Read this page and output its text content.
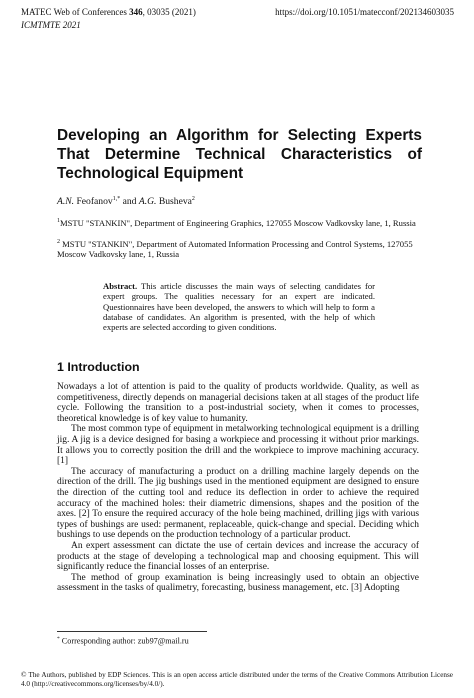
MATEC Web of Conferences 346, 03035 (2021)
ICMTMTE 2021
https://doi.org/10.1051/matecconf/202134603035
Developing an Algorithm for Selecting Experts That Determine Technical Characteristics of Technological Equipment
A.N. Feofanov$^{1,*}$ and A.G. Busheva$^2$
$^1$MSTU "STANKIN", Department of Engineering Graphics, 127055 Moscow Vadkovsky lane, 1, Russia
$^2$ MSTU "STANKIN", Department of Automated Information Processing and Control Systems, 127055 Moscow Vadkovsky lane, 1, Russia
Abstract. This article discusses the main ways of selecting candidates for expert groups. The qualities necessary for an expert are indicated. Questionnaires have been developed, the answers to which will help to form a database of candidates. An algorithm is presented, with the help of which experts are selected according to given conditions.
1 Introduction

Nowadays a lot of attention is paid to the quality of products worldwide. Quality, as well as competitiveness, directly depends on managerial decisions taken at all stages of the product life cycle. Following the transition to a post-industrial society, when it comes to processes, theoretical knowledge is of key value to humanity.

The most common type of equipment in metalworking technological equipment is a drilling jig. A jig is a device designed for basing a workpiece and processing it without prior markings. It allows you to correctly position the drill and the workpiece to improve machining accuracy. [1]

The accuracy of manufacturing a product on a drilling machine largely depends on the direction of the drill. The jig bushings used in the mentioned equipment are designed to ensure the direction of the cutting tool and reduce its deflection in order to achieve the required accuracy of the machined holes: their diametric dimensions, shapes and the position of the axes. [2] To ensure the required accuracy of the hole being machined, drilling jigs with various types of bushings are used: permanent, replaceable, quick-change and special. Deciding which bushings to use depends on the production technology of a particular product.

An expert assessment can dictate the use of certain devices and increase the accuracy of products at the stage of developing a technological map and choosing equipment. This will significantly reduce the financial losses of an enterprise.

The method of group examination is being increasingly used to obtain an objective assessment in the tasks of qualimetry, forecasting, business management, etc. [3] Adopting

* Corresponding author: zub97@mail.ru
© The Authors, published by EDP Sciences. This is an open access article distributed under the terms of the Creative Commons Attribution License 4.0 (http://creativecommons.org/licenses/by/4.0/).
